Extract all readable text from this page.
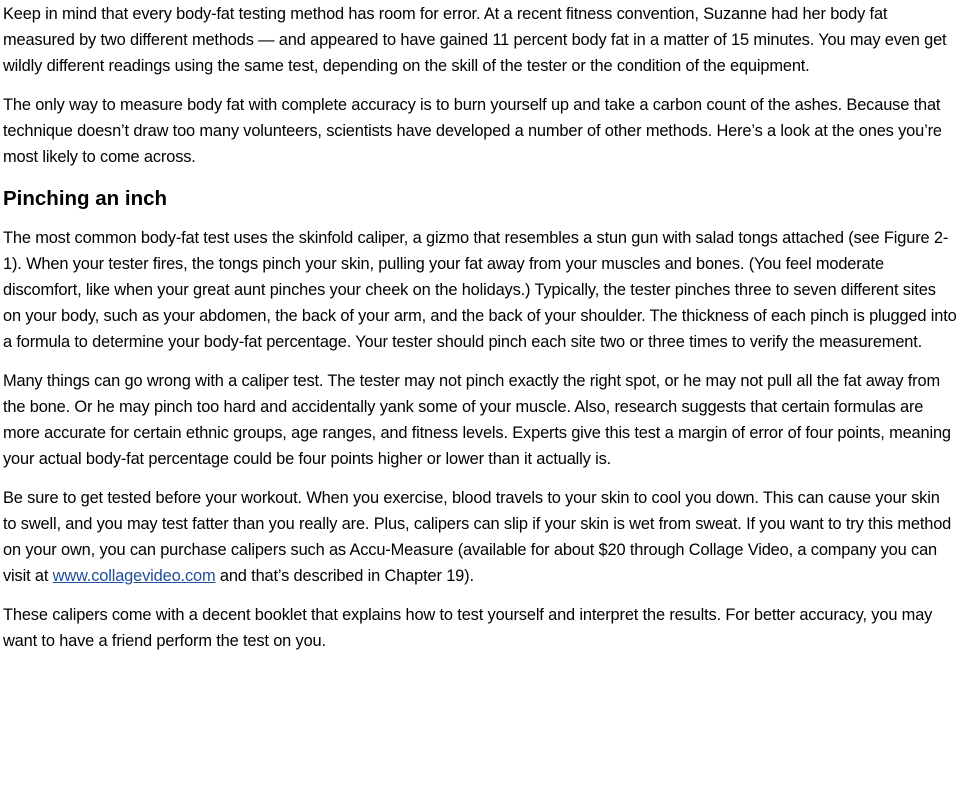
Keep in mind that every body-fat testing method has room for error. At a recent fitness convention, Suzanne had her body fat measured by two different methods — and appeared to have gained 11 percent body fat in a matter of 15 minutes. You may even get wildly different readings using the same test, depending on the skill of the tester or the condition of the equipment.

The only way to measure body fat with complete accuracy is to burn yourself up and take a carbon count of the ashes. Because that technique doesn’t draw too many volunteers, scientists have developed a number of other methods. Here’s a look at the ones you’re most likely to come across.

Pinching an inch

The most common body-fat test uses the skinfold caliper, a gizmo that resembles a stun gun with salad tongs attached (see Figure 2-1). When your tester fires, the tongs pinch your skin, pulling your fat away from your muscles and bones. (You feel moderate discomfort, like when your great aunt pinches your cheek on the holidays.) Typically, the tester pinches three to seven different sites on your body, such as your abdomen, the back of your arm, and the back of your shoulder. The thickness of each pinch is plugged into a formula to determine your body-fat percentage. Your tester should pinch each site two or three times to verify the measurement.

Many things can go wrong with a caliper test. The tester may not pinch exactly the right spot, or he may not pull all the fat away from the bone. Or he may pinch too hard and accidentally yank some of your muscle. Also, research suggests that certain formulas are more accurate for certain ethnic groups, age ranges, and fitness levels. Experts give this test a margin of error of four points, meaning your actual body-fat percentage could be four points higher or lower than it actually is.

Be sure to get tested before your workout. When you exercise, blood travels to your skin to cool you down. This can cause your skin to swell, and you may test fatter than you really are. Plus, calipers can slip if your skin is wet from sweat. If you want to try this method on your own, you can purchase calipers such as Accu-Measure (available for about $20 through Collage Video, a company you can visit at www.collagevideo.com and that’s described in Chapter 19).

These calipers come with a decent booklet that explains how to test yourself and interpret the results. For better accuracy, you may want to have a friend perform the test on you.
